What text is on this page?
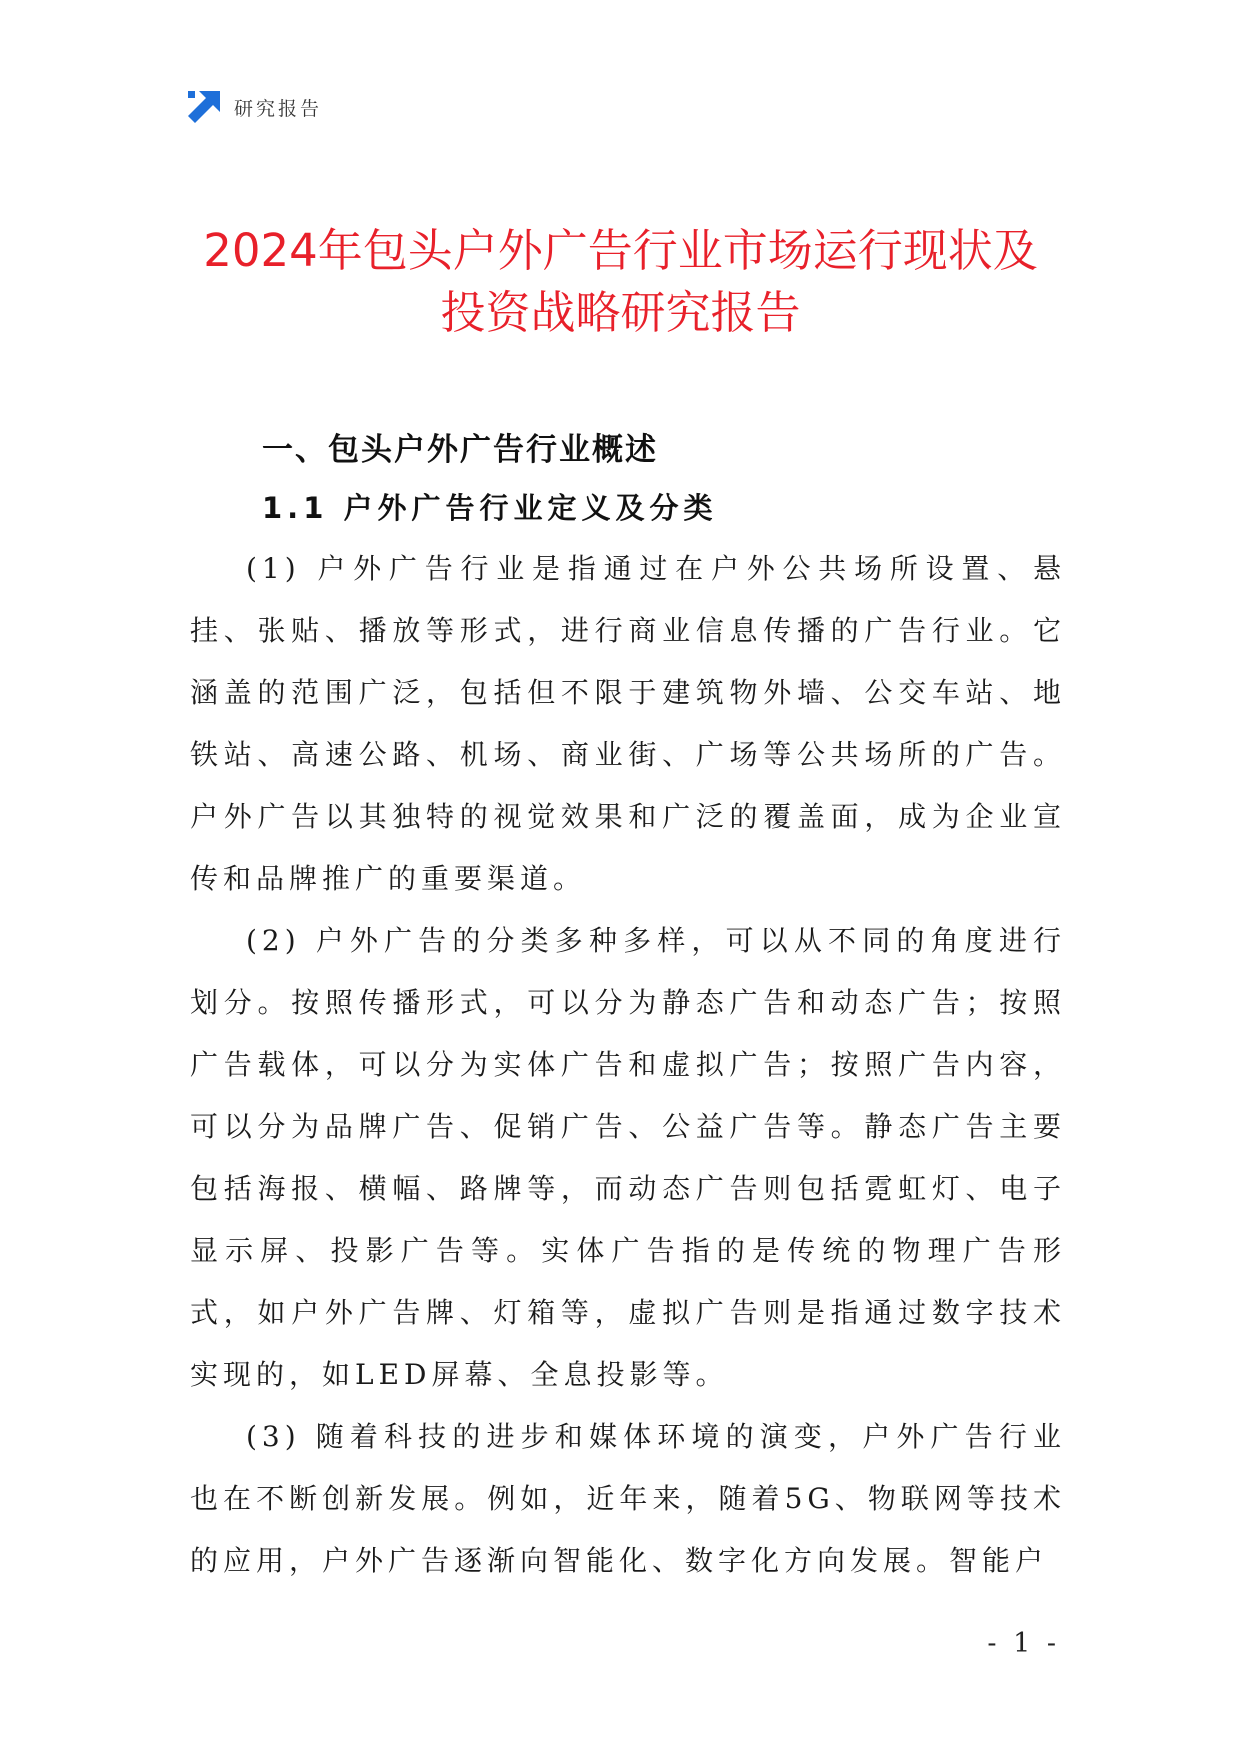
研究报告
2024年包头户外广告行业市场运行现状及
投资战略研究报告
一、包头户外广告行业概述
1.1 户外广告行业定义及分类

(1) 户外广告行业是指通过在户外公共场所设置、悬挂、张贴、播放等形式，进行商业信息传播的广告行业。它涵盖的范围广泛，包括但不限于建筑物外墙、公交车站、地铁站、高速公路、机场、商业街、广场等公共场所的广告。户外广告以其独特的视觉效果和广泛的覆盖面，成为企业宣传和品牌推广的重要渠道。

(2) 户外广告的分类多种多样，可以从不同的角度进行划分。按照传播形式，可以分为静态广告和动态广告；按照广告载体，可以分为实体广告和虚拟广告；按照广告内容，可以分为品牌广告、促销广告、公益广告等。静态广告主要包括海报、横幅、路牌等，而动态广告则包括霓虹灯、电子显示屏、投影广告等。实体广告指的是传统的物理广告形式，如户外广告牌、灯箱等，虚拟广告则是指通过数字技术实现的，如LED屏幕、全息投影等。

(3) 随着科技的进步和媒体环境的演变，户外广告行业也在不断创新发展。例如，近年来，随着5G、物联网等技术的应用，户外广告逐渐向智能化、数字化方向发展。智能户

- 1 -
